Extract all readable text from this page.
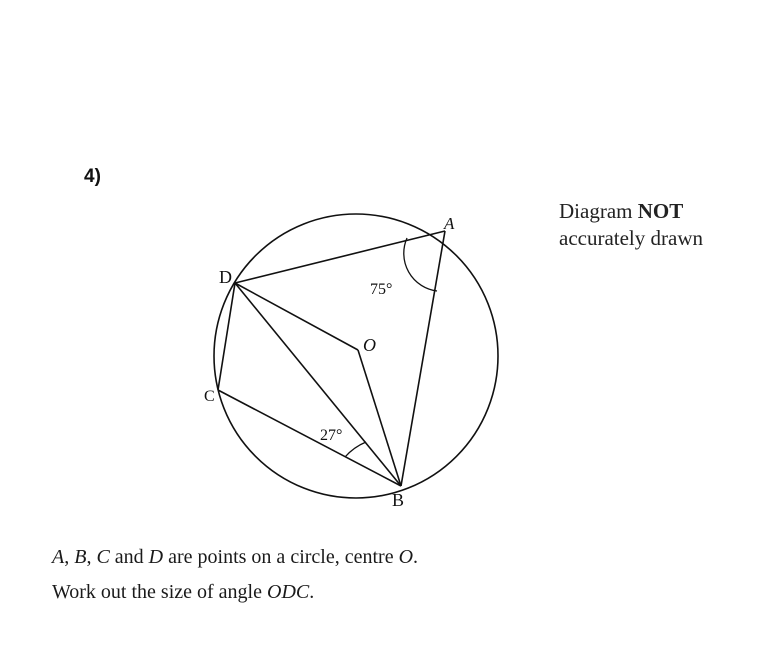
4)
Diagram NOT
accurately drawn
A
D
C
B
O
75°
27°
A, B, C and D are points on a circle, centre O.
Work out the size of angle ODC.
